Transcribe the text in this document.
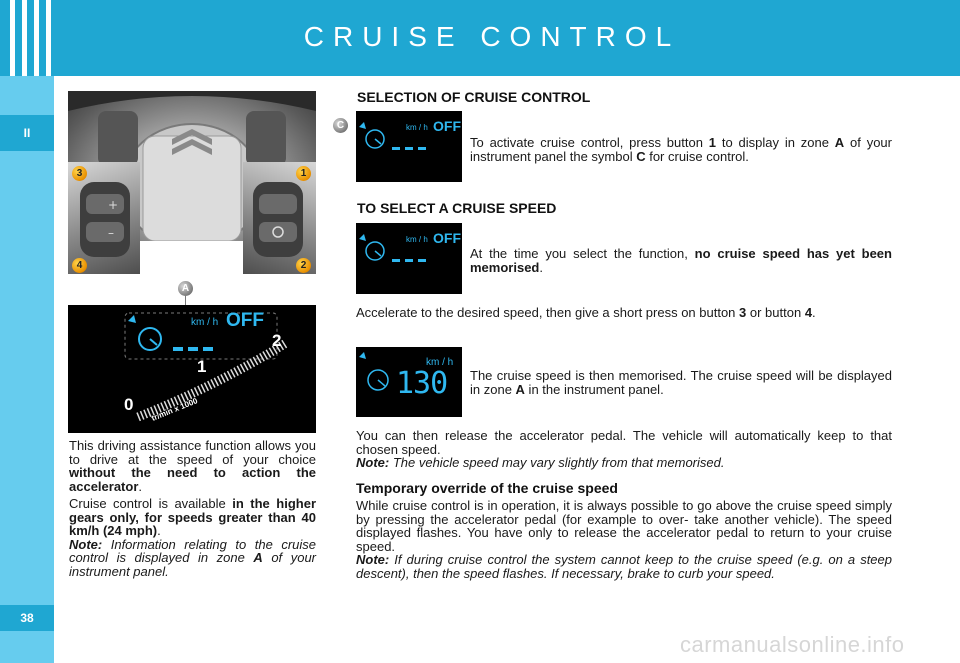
CRUISE CONTROL
II
38
+
–
3	1
4	2
A
km / h OFF
0
1
2
tr/min x 1000
This driving assistance function allows you to drive at the speed of your choice without the need to action the accelerator.
Cruise control is available in the higher gears only, for speeds greater than 40 km/h (24 mph).
Note: Information relating to the cruise control is displayed in zone A of your instrument panel.
SELECTION OF CRUISE CONTROL
C	km / h OFF
To activate cruise control, press button 1 to display in zone A of your instrument panel the symbol C for cruise control.
TO SELECT A CRUISE SPEED
km / h OFF
At the time you select the function, no cruise speed has yet been memorised.
Accelerate to the desired speed, then give a short press on button 3 or button 4.
km / h
130 The cruise speed is then memorised. The cruise speed will be displayed in zone A in the instrument panel.
You can then release the accelerator pedal. The vehicle will automatically keep to that chosen speed.
Note: The vehicle speed may vary slightly from that memorised.
Temporary override of the cruise speed
While cruise control is in operation, it is always possible to go above the cruise speed simply by pressing the accelerator pedal (for example to over- take another vehicle). The speed displayed flashes. You have only to release the accelerator pedal to return to your cruise speed.
Note: If during cruise control the system cannot keep to the cruise speed (e.g. on a steep descent), then the speed flashes. If necessary, brake to curb your speed.
carmanualsonline.info
